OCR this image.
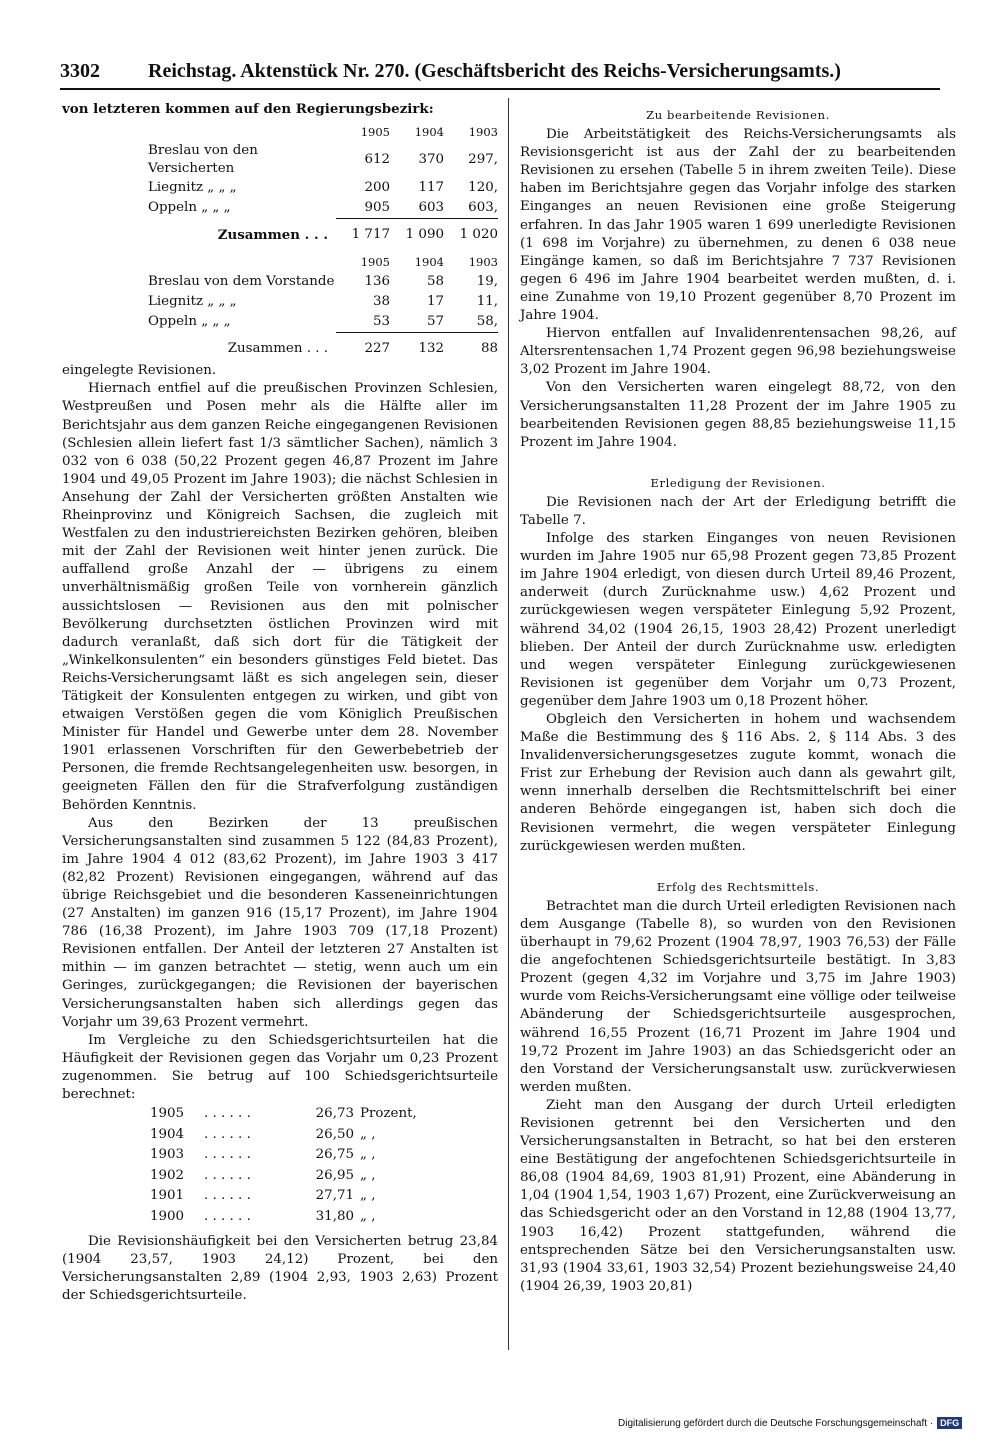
3302 Reichstag. Aktenstück Nr. 270. (Geschäftsbericht des Reichs-Versicherungsamts.)

von letzteren kommen auf den Regierungsbezirk:

	1905	1904	1903
Breslau von den Versicherten	612	370	297,
Liegnitz „ „ „	200	117	120,
Oppeln „ „ „	905	603	603,
Zusammen . . .	1 717	1 090	1 020
	1905	1904	1903
Breslau von dem Vorstande	136	58	19,
Liegnitz „ „ „	38	17	11,
Oppeln „ „ „	53	57	58,
Zusammen . . .	227	132	88

eingelegte Revisionen.

Hiernach entfiel auf die preußischen Provinzen Schlesien, Westpreußen und Posen mehr als die Hälfte aller im Berichtsjahr aus dem ganzen Reiche eingegangenen Revisionen (Schlesien allein liefert fast 1/3 sämtlicher Sachen), nämlich 3 032 von 6 038 (50,22 Prozent gegen 46,87 Prozent im Jahre 1904 und 49,05 Prozent im Jahre 1903); die nächst Schlesien in Ansehung der Zahl der Versicherten größten Anstalten wie Rheinprovinz und Königreich Sachsen, die zugleich mit Westfalen zu den industriereichsten Bezirken gehören, bleiben mit der Zahl der Revisionen weit hinter jenen zurück. Die auffallend große Anzahl der — übrigens zu einem unverhältnismäßig großen Teile von vornherein gänzlich aussichtslosen — Revisionen aus den mit polnischer Bevölkerung durchsetzten östlichen Provinzen wird mit dadurch veranlaßt, daß sich dort für die Tätigkeit der „Winkelkonsulenten“ ein besonders günstiges Feld bietet. Das Reichs-Versicherungsamt läßt es sich angelegen sein, dieser Tätigkeit der Konsulenten entgegen zu wirken, und gibt von etwaigen Verstößen gegen die vom Königlich Preußischen Minister für Handel und Gewerbe unter dem 28. November 1901 erlassenen Vorschriften für den Gewerbebetrieb der Personen, die fremde Rechtsangelegenheiten usw. besorgen, in geeigneten Fällen den für die Strafverfolgung zuständigen Behörden Kenntnis.

Aus den Bezirken der 13 preußischen Versicherungsanstalten sind zusammen 5 122 (84,83 Prozent), im Jahre 1904 4 012 (83,62 Prozent), im Jahre 1903 3 417 (82,82 Prozent) Revisionen eingegangen, während auf das übrige Reichsgebiet und die besonderen Kasseneinrichtungen (27 Anstalten) im ganzen 916 (15,17 Prozent), im Jahre 1904 786 (16,38 Prozent), im Jahre 1903 709 (17,18 Prozent) Revisionen entfallen. Der Anteil der letzteren 27 Anstalten ist mithin — im ganzen betrachtet — stetig, wenn auch um ein Geringes, zurückgegangen; die Revisionen der bayerischen Versicherungsanstalten haben sich allerdings gegen das Vorjahr um 39,63 Prozent vermehrt.

Im Vergleiche zu den Schiedsgerichtsurteilen hat die Häufigkeit der Revisionen gegen das Vorjahr um 0,23 Prozent zugenommen. Sie betrug auf 100 Schiedsgerichtsurteile berechnet:

1905	. . . . . .	26,73	Prozent,
1904	. . . . . .	26,50	„ ,
1903	. . . . . .	26,75	„ ,
1902	. . . . . .	26,95	„ ,
1901	. . . . . .	27,71	„ ,
1900	. . . . . .	31,80	„ ,

Die Revisionshäufigkeit bei den Versicherten betrug 23,84 (1904 23,57, 1903 24,12) Prozent, bei den Versicherungsanstalten 2,89 (1904 2,93, 1903 2,63) Prozent der Schiedsgerichtsurteile.

Zu bearbeitende Revisionen.

Die Arbeitstätigkeit des Reichs-Versicherungsamts als Revisionsgericht ist aus der Zahl der zu bearbeitenden Revisionen zu ersehen (Tabelle 5 in ihrem zweiten Teile). Diese haben im Berichtsjahre gegen das Vorjahr infolge des starken Einganges an neuen Revisionen eine große Steigerung erfahren. In das Jahr 1905 waren 1 699 unerledigte Revisionen (1 698 im Vorjahre) zu übernehmen, zu denen 6 038 neue Eingänge kamen, so daß im Berichtsjahre 7 737 Revisionen gegen 6 496 im Jahre 1904 bearbeitet werden mußten, d. i. eine Zunahme von 19,10 Prozent gegenüber 8,70 Prozent im Jahre 1904.

Hiervon entfallen auf Invalidenrentensachen 98,26, auf Altersrentensachen 1,74 Prozent gegen 96,98 beziehungsweise 3,02 Prozent im Jahre 1904.

Von den Versicherten waren eingelegt 88,72, von den Versicherungsanstalten 11,28 Prozent der im Jahre 1905 zu bearbeitenden Revisionen gegen 88,85 beziehungsweise 11,15 Prozent im Jahre 1904.

Erledigung der Revisionen.

Die Revisionen nach der Art der Erledigung betrifft die Tabelle 7.

Infolge des starken Einganges von neuen Revisionen wurden im Jahre 1905 nur 65,98 Prozent gegen 73,85 Prozent im Jahre 1904 erledigt, von diesen durch Urteil 89,46 Prozent, anderweit (durch Zurücknahme usw.) 4,62 Prozent und zurückgewiesen wegen verspäteter Einlegung 5,92 Prozent, während 34,02 (1904 26,15, 1903 28,42) Prozent unerledigt blieben. Der Anteil der durch Zurücknahme usw. erledigten und wegen verspäteter Einlegung zurückgewiesenen Revisionen ist gegenüber dem Vorjahr um 0,73 Prozent, gegenüber dem Jahre 1903 um 0,18 Prozent höher.

Obgleich den Versicherten in hohem und wachsendem Maße die Bestimmung des § 116 Abs. 2, § 114 Abs. 3 des Invalidenversicherungsgesetzes zugute kommt, wonach die Frist zur Erhebung der Revision auch dann als gewahrt gilt, wenn innerhalb derselben die Rechtsmittelschrift bei einer anderen Behörde eingegangen ist, haben sich doch die Revisionen vermehrt, die wegen verspäteter Einlegung zurückgewiesen werden mußten.

Erfolg des Rechtsmittels.

Betrachtet man die durch Urteil erledigten Revisionen nach dem Ausgange (Tabelle 8), so wurden von den Revisionen überhaupt in 79,62 Prozent (1904 78,97, 1903 76,53) der Fälle die angefochtenen Schiedsgerichtsurteile bestätigt. In 3,83 Prozent (gegen 4,32 im Vorjahre und 3,75 im Jahre 1903) wurde vom Reichs-Versicherungsamt eine völlige oder teilweise Abänderung der Schiedsgerichtsurteile ausgesprochen, während 16,55 Prozent (16,71 Prozent im Jahre 1904 und 19,72 Prozent im Jahre 1903) an das Schiedsgericht oder an den Vorstand der Versicherungsanstalt usw. zurückverwiesen werden mußten.

Zieht man den Ausgang der durch Urteil erledigten Revisionen getrennt bei den Versicherten und den Versicherungsanstalten in Betracht, so hat bei den ersteren eine Bestätigung der angefochtenen Schiedsgerichtsurteile in 86,08 (1904 84,69, 1903 81,91) Prozent, eine Abänderung in 1,04 (1904 1,54, 1903 1,67) Prozent, eine Zurückverweisung an das Schiedsgericht oder an den Vorstand in 12,88 (1904 13,77, 1903 16,42) Prozent stattgefunden, während die entsprechenden Sätze bei den Versicherungsanstalten usw. 31,93 (1904 33,61, 1903 32,54) Prozent beziehungsweise 24,40 (1904 26,39, 1903 20,81)

Digitalisierung gefördert durch die Deutsche Forschungsgemeinschaft · DFG
